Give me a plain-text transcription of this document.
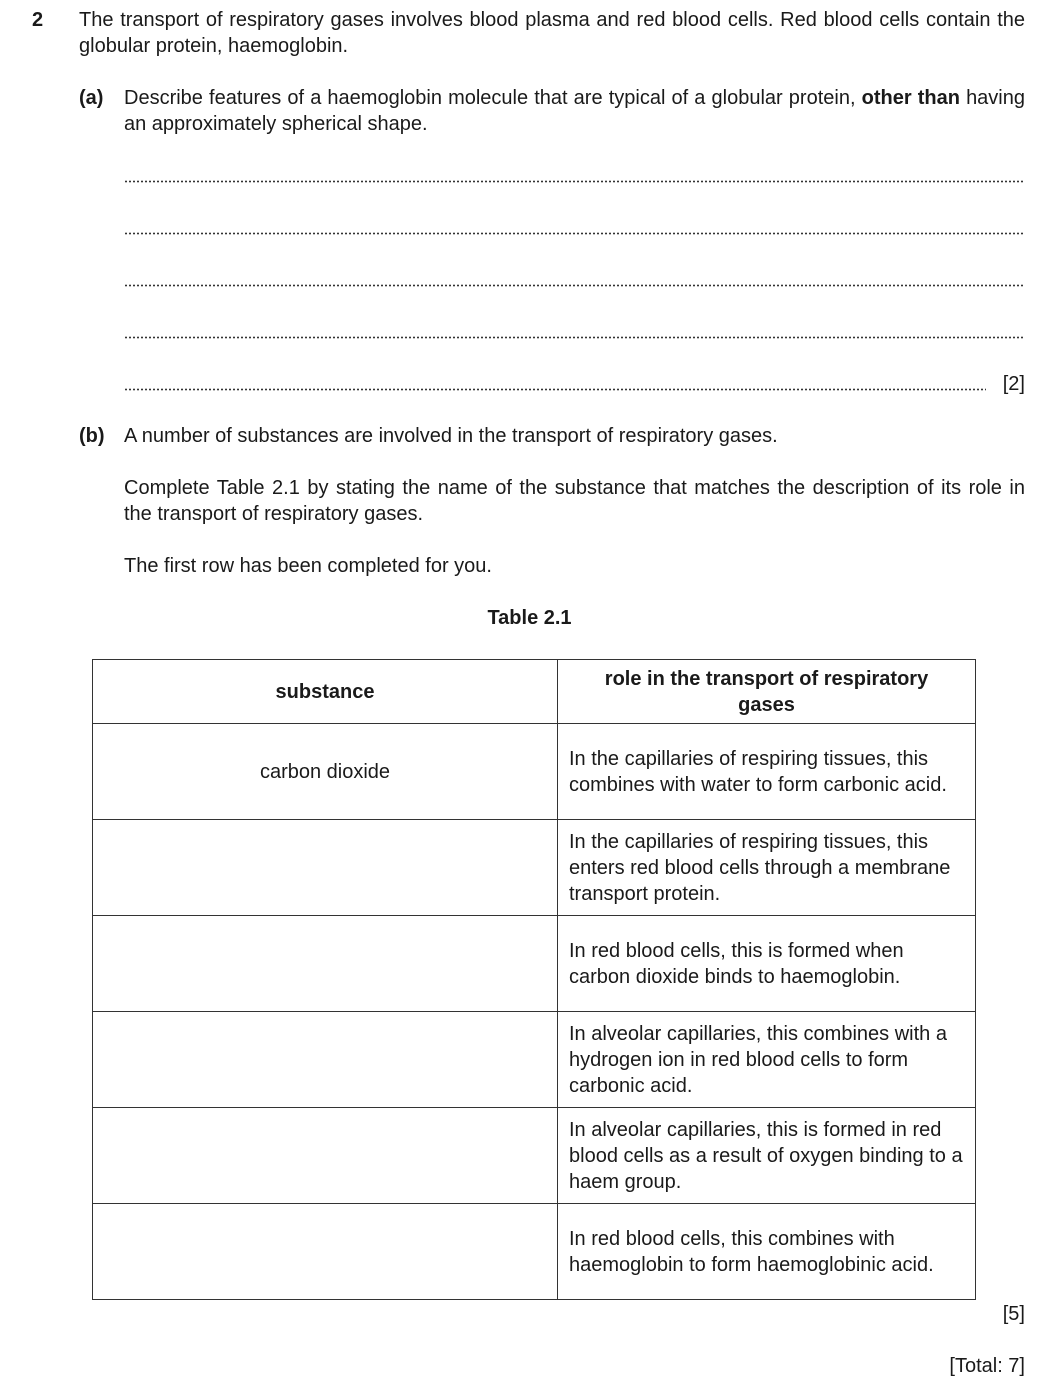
2 The transport of respiratory gases involves blood plasma and red blood cells. Red blood cells contain the globular protein, haemoglobin.
(a) Describe features of a haemoglobin molecule that are typical of a globular protein, other than having an approximately spherical shape.
[2]
(b) A number of substances are involved in the transport of respiratory gases.
Complete Table 2.1 by stating the name of the substance that matches the description of its role in the transport of respiratory gases.
The first row has been completed for you.
Table 2.1
substance	role in the transport of respiratory gases
carbon dioxide	In the capillaries of respiring tissues, this combines with water to form carbonic acid.
	In the capillaries of respiring tissues, this enters red blood cells through a membrane transport protein.
	In red blood cells, this is formed when carbon dioxide binds to haemoglobin.
	In alveolar capillaries, this combines with a hydrogen ion in red blood cells to form carbonic acid.
	In alveolar capillaries, this is formed in red blood cells as a result of oxygen binding to a haem group.
	In red blood cells, this combines with haemoglobin to form haemoglobinic acid.
[5]
[Total: 7]
